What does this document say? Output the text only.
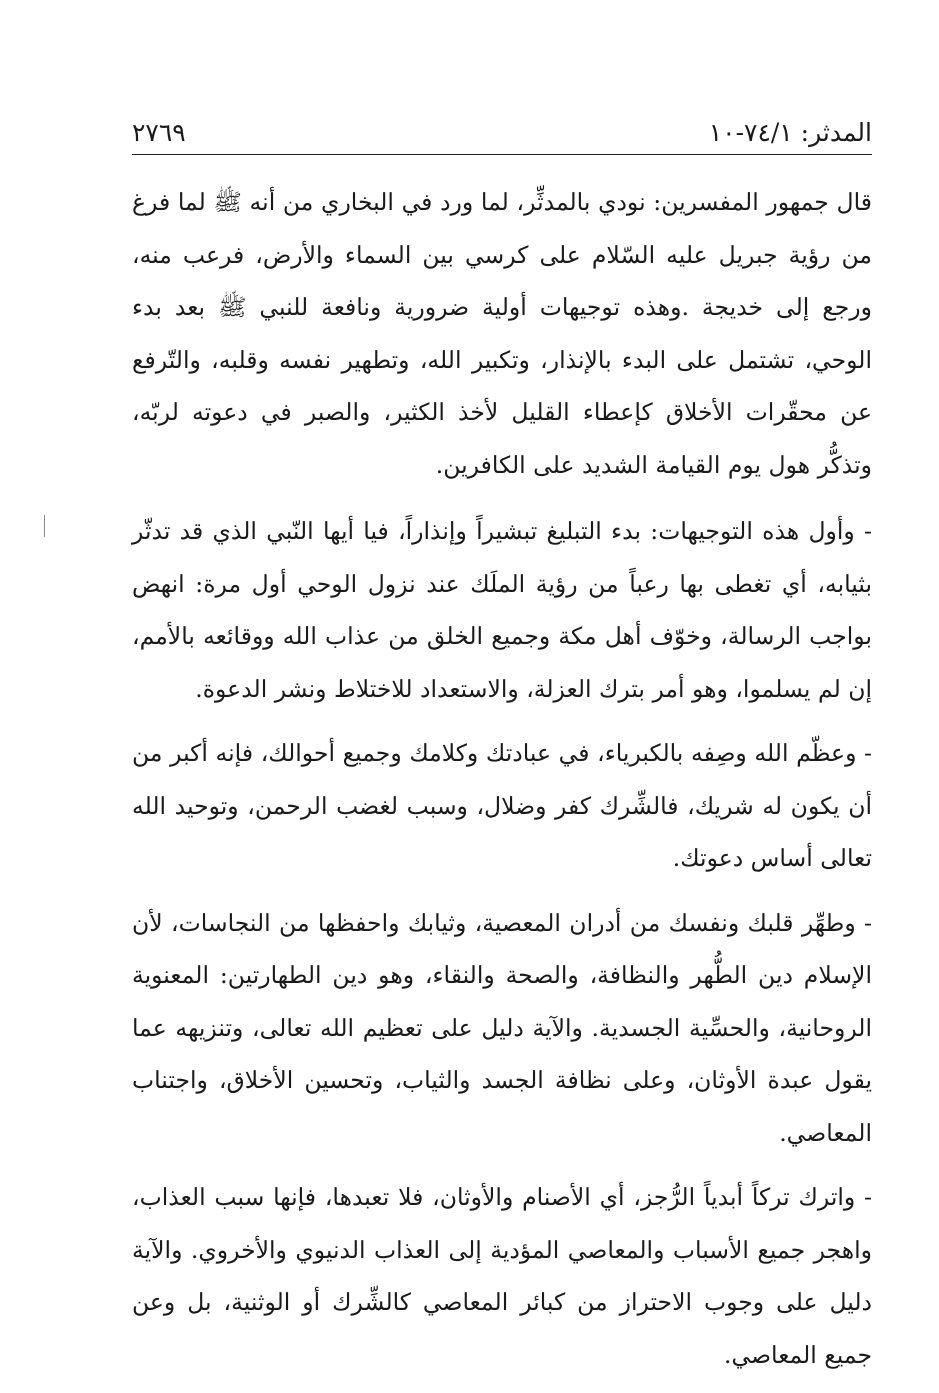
المدثر: ٧٤/١-١٠
٢٧٦٩

قال جمهور المفسرين: نودي بالمدثِّر، لما ورد في البخاري من أنه ﷺ لما فرغ من رؤية جبريل عليه السّلام على كرسي بين السماء والأرض، فرعب منه، ورجع إلى خديجة .وهذه توجيهات أولية ضرورية ونافعة للنبي ﷺ بعد بدء الوحي، تشتمل على البدء بالإنذار، وتكبير الله، وتطهير نفسه وقلبه، والتّرفع عن محقّرات الأخلاق كإعطاء القليل لأخذ الكثير، والصبر في دعوته لربّه، وتذكُّر هول يوم القيامة الشديد على الكافرين.

- وأول هذه التوجيهات: بدء التبليغ تبشيراً وإنذاراً، فيا أيها النّبي الذي قد تدثّر بثيابه، أي تغطى بها رعباً من رؤية الملَك عند نزول الوحي أول مرة: انهض بواجب الرسالة، وخوّف أهل مكة وجميع الخلق من عذاب الله ووقائعه بالأمم، إن لم يسلموا، وهو أمر بترك العزلة، والاستعداد للاختلاط ونشر الدعوة.

- وعظّم الله وصِفه بالكبرياء، في عبادتك وكلامك وجميع أحوالك، فإنه أكبر من أن يكون له شريك، فالشِّرك كفر وضلال، وسبب لغضب الرحمن، وتوحيد الله تعالى أساس دعوتك.

- وطهِّر قلبك ونفسك من أدران المعصية، وثيابك واحفظها من النجاسات، لأن الإسلام دين الطُّهر والنظافة، والصحة والنقاء، وهو دين الطهارتين: المعنوية الروحانية، والحسِّية الجسدية. والآية دليل على تعظيم الله تعالى، وتنزيهه عما يقول عبدة الأوثان، وعلى نظافة الجسد والثياب، وتحسين الأخلاق، واجتناب المعاصي.

- واترك تركاً أبدياً الرُّجز، أي الأصنام والأوثان، فلا تعبدها، فإنها سبب العذاب، واهجر جميع الأسباب والمعاصي المؤدية إلى العذاب الدنيوي والأخروي. والآية دليل على وجوب الاحتراز من كبائر المعاصي كالشِّرك أو الوثنية، بل وعن جميع المعاصي.
